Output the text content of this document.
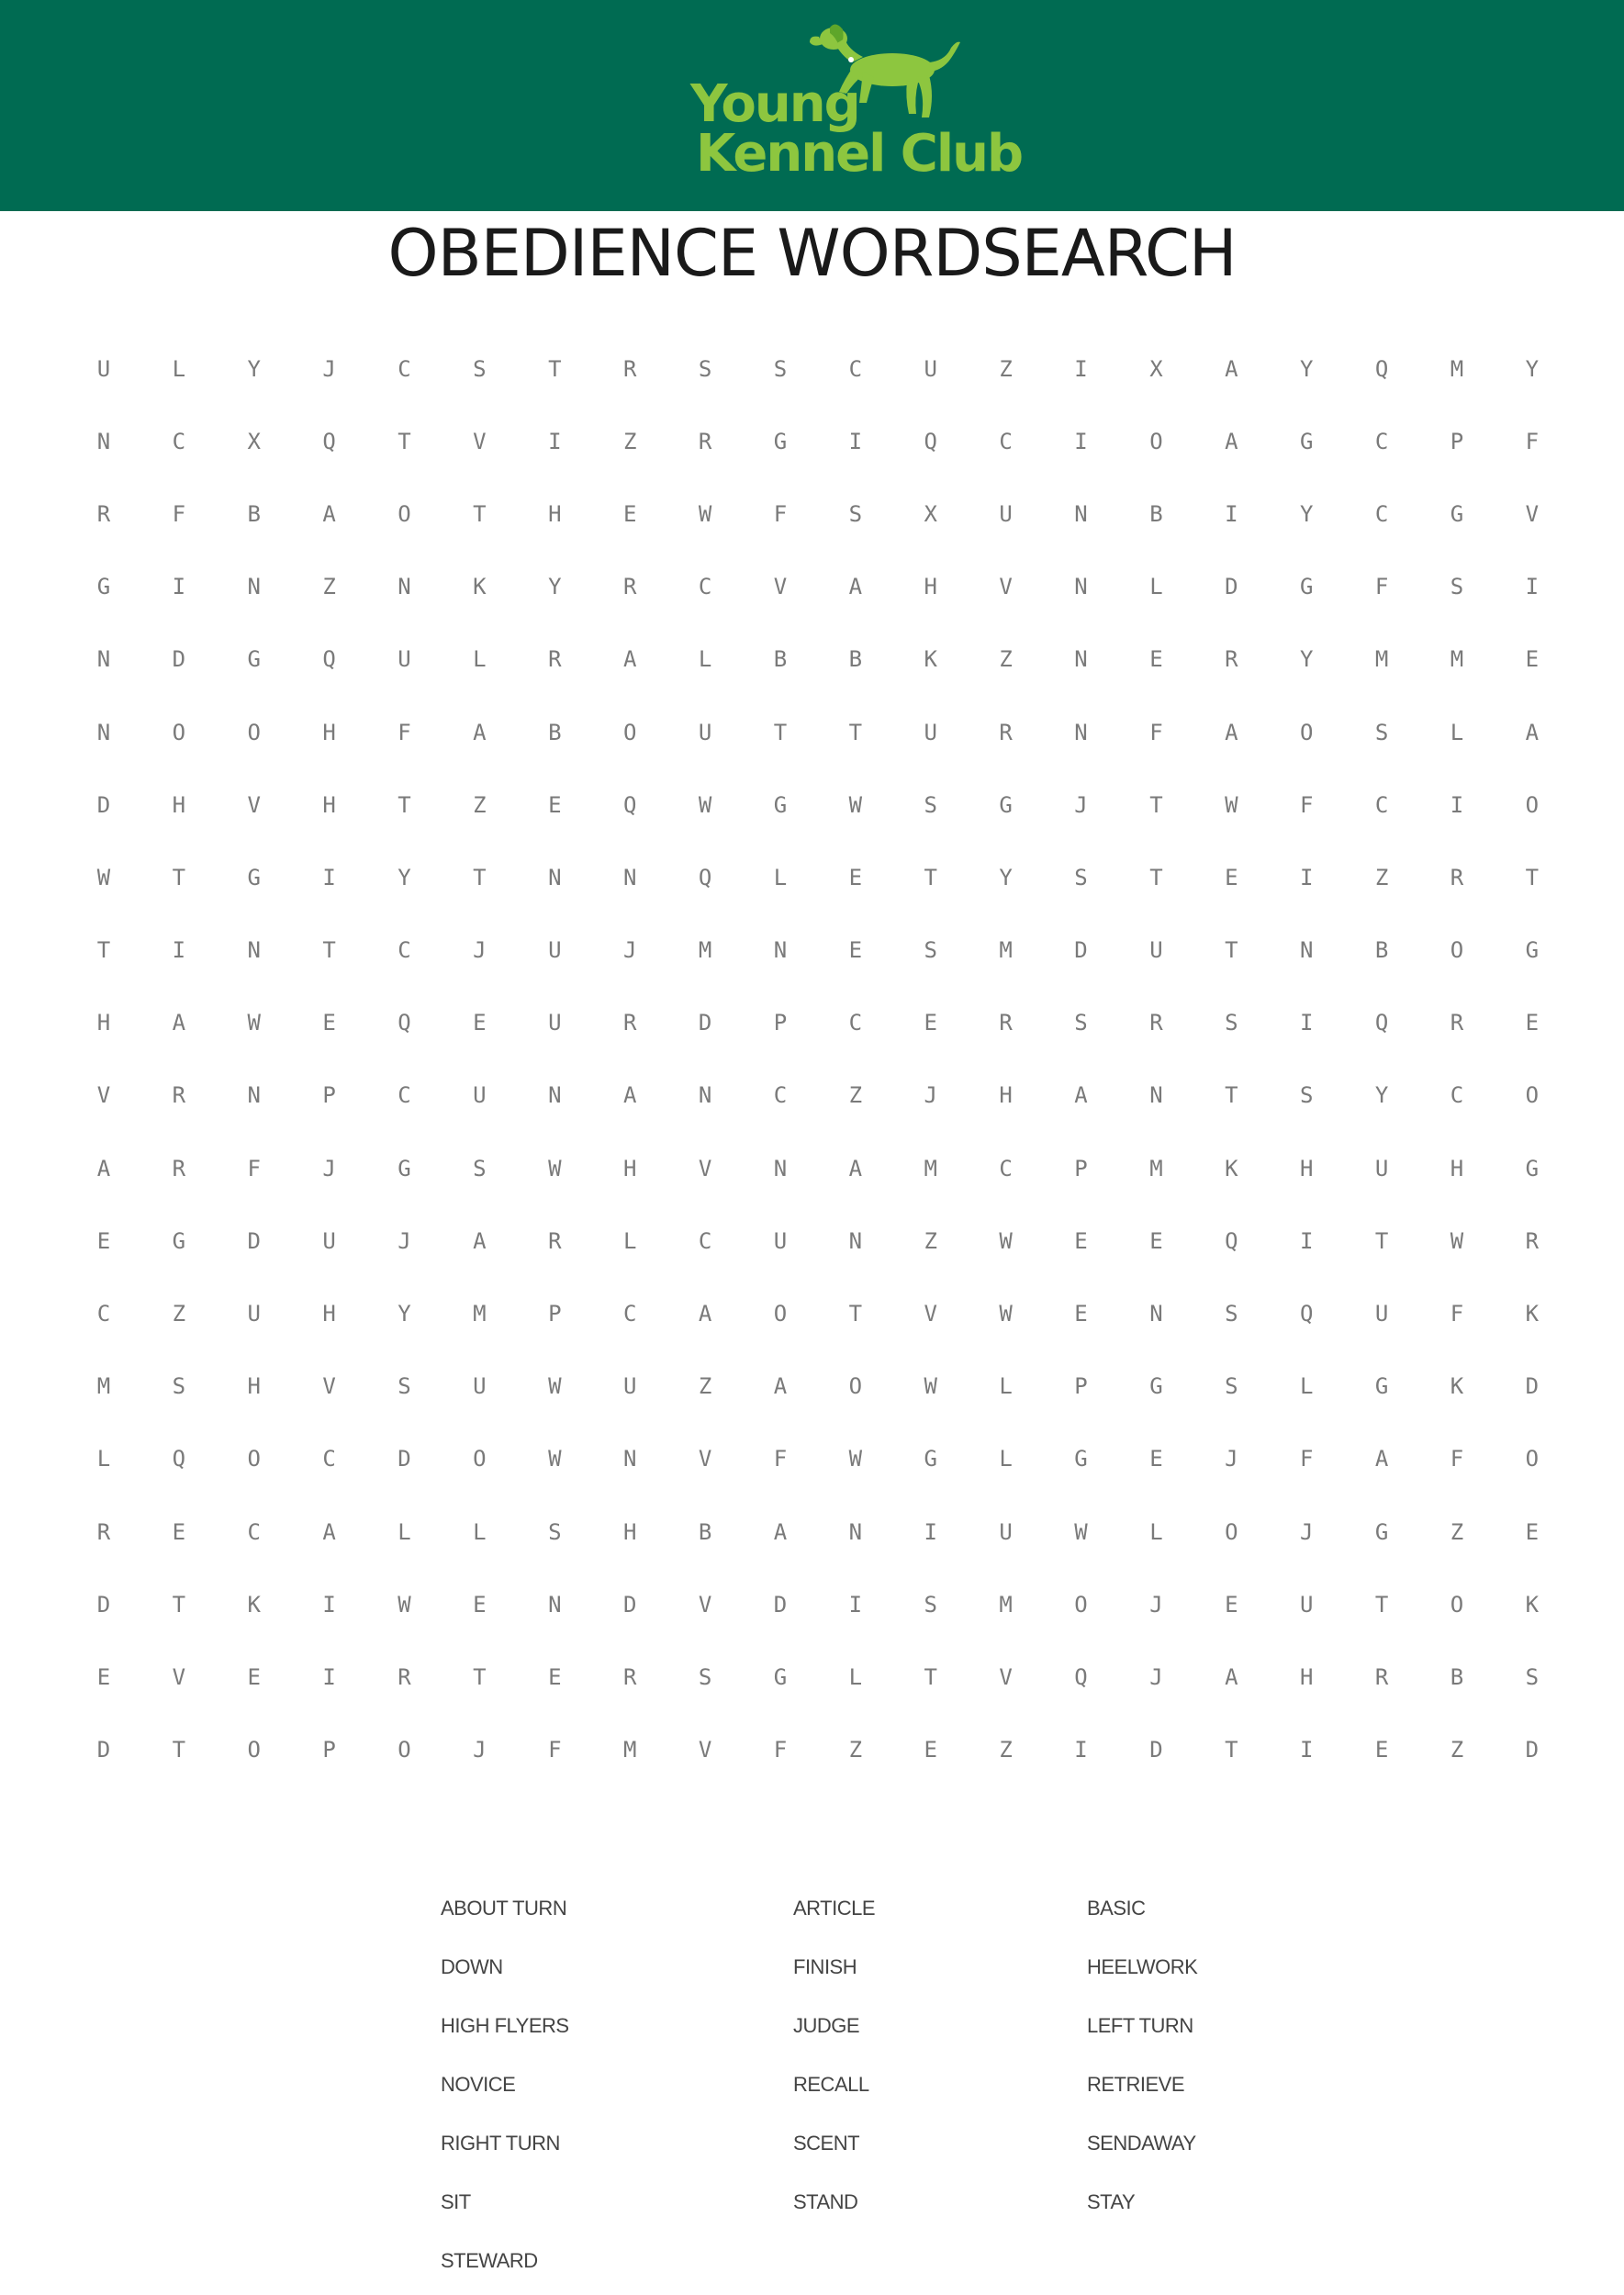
Young
Kennel Club
OBEDIENCE WORDSEARCH
U	L	Y	J	C	S	T	R	S	S	C	U	Z	I	X	A	Y	Q	M	Y
N	C	X	Q	T	V	I	Z	R	G	I	Q	C	I	O	A	G	C	P	F
R	F	B	A	O	T	H	E	W	F	S	X	U	N	B	I	Y	C	G	V
G	I	N	Z	N	K	Y	R	C	V	A	H	V	N	L	D	G	F	S	I
N	D	G	Q	U	L	R	A	L	B	B	K	Z	N	E	R	Y	M	M	E
N	O	O	H	F	A	B	O	U	T	T	U	R	N	F	A	O	S	L	A
D	H	V	H	T	Z	E	Q	W	G	W	S	G	J	T	W	F	C	I	O
W	T	G	I	Y	T	N	N	Q	L	E	T	Y	S	T	E	I	Z	R	T
T	I	N	T	C	J	U	J	M	N	E	S	M	D	U	T	N	B	O	G
H	A	W	E	Q	E	U	R	D	P	C	E	R	S	R	S	I	Q	R	E
V	R	N	P	C	U	N	A	N	C	Z	J	H	A	N	T	S	Y	C	O
A	R	F	J	G	S	W	H	V	N	A	M	C	P	M	K	H	U	H	G
E	G	D	U	J	A	R	L	C	U	N	Z	W	E	E	Q	I	T	W	R
C	Z	U	H	Y	M	P	C	A	O	T	V	W	E	N	S	Q	U	F	K
M	S	H	V	S	U	W	U	Z	A	O	W	L	P	G	S	L	G	K	D
L	Q	O	C	D	O	W	N	V	F	W	G	L	G	E	J	F	A	F	O
R	E	C	A	L	L	S	H	B	A	N	I	U	W	L	O	J	G	Z	E
D	T	K	I	W	E	N	D	V	D	I	S	M	O	J	E	U	T	O	K
E	V	E	I	R	T	E	R	S	G	L	T	V	Q	J	A	H	R	B	S
D	T	O	P	O	J	F	M	V	F	Z	E	Z	I	D	T	I	E	Z	D
ABOUT TURN	ARTICLE	BASIC
DOWN	FINISH	HEELWORK
HIGH FLYERS	JUDGE	LEFT TURN
NOVICE	RECALL	RETRIEVE
RIGHT TURN	SCENT	SENDAWAY
SIT	STAND	STAY
STEWARD
